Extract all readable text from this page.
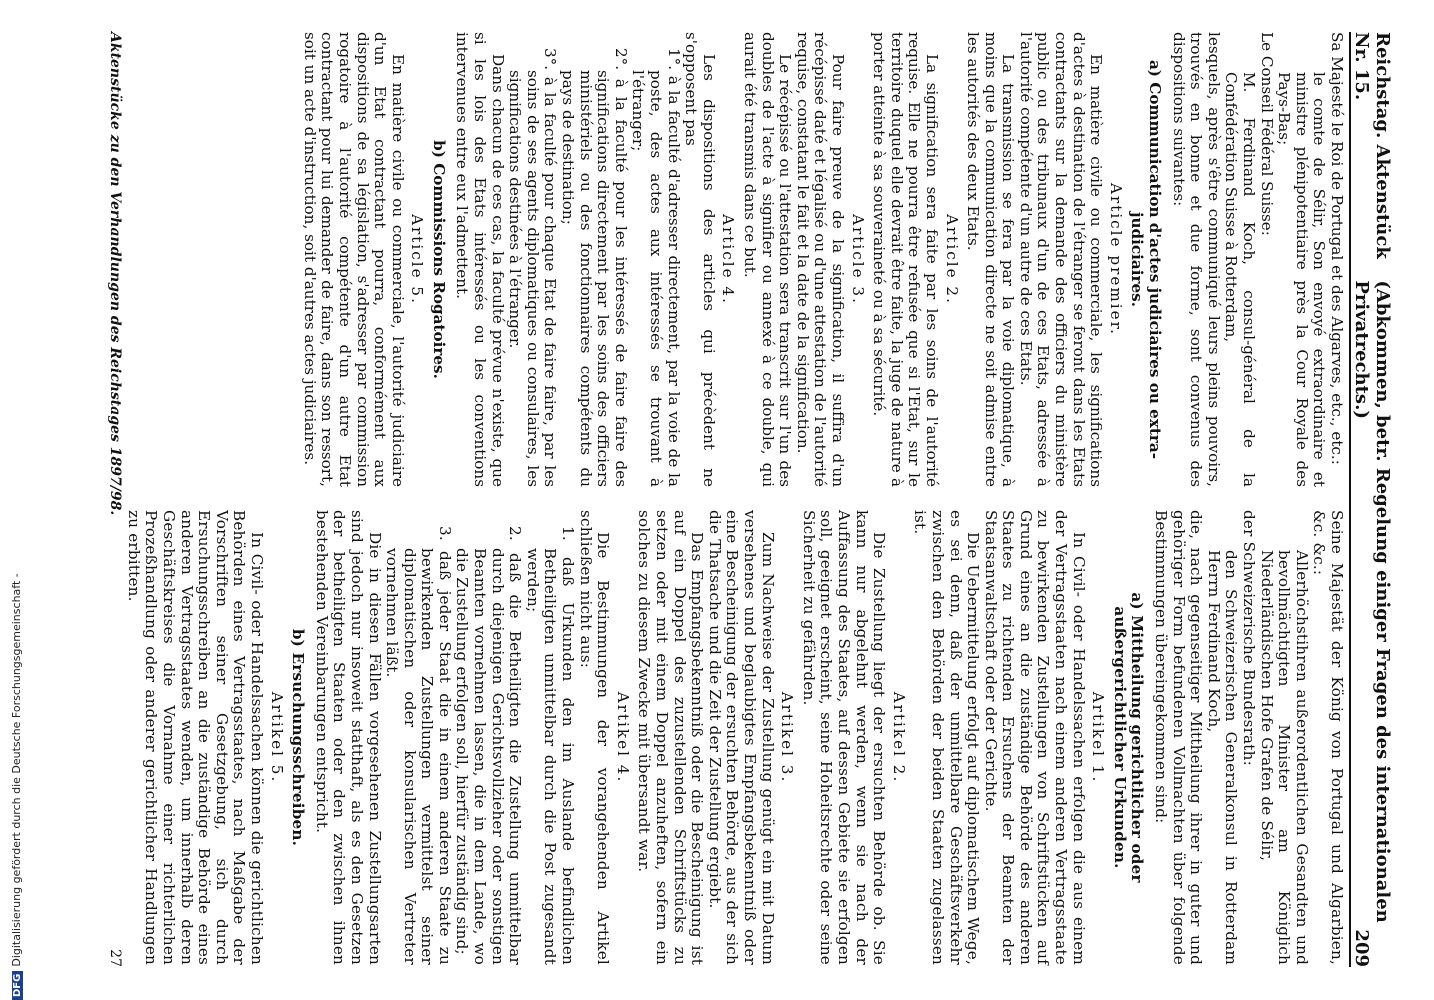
Reichstag. Aktenstück Nr. 15.
(Abkommen, betr. Regelung einiger Fragen des internationalen Privatrechts.)
209
Sa Majesté le Roi de Portugal et des Algarves, etc., etc.:
le comte de Sélir, Son envoyé extraordinaire et ministre plénipotentiaire près la Cour Royale des Pays-Bas;
Le Conseil Fédéral Suisse:
M. Ferdinand Koch, consul-général de la Confédération Suisse à Rotterdam,
lesquels, après s'être communiqué leurs pleins pouvoirs, trouvés en bonne et due forme, sont convenus des dispositions suivantes:
a) Communication d'actes judiciaires ou extra-judiciaires.
Article premier.
En matière civile ou commerciale, les significations d'actes à destination de l'étranger se feront dans les Etats contractants sur la demande des officiers du ministère public ou des tribunaux d'un de ces Etats, adressée à l'autorité compétente d'un autre de ces Etats.
La transmission se fera par la voie diplomatique, à moins que la communication directe ne soit admise entre les autorités des deux Etats.
Article 2.
La signification sera faite par les soins de l'autorité requise. Elle ne pourra être refusée que si l'Etat, sur le territoire duquel elle devrait être faite, la juge de nature à porter atteinte à sa souveraineté ou à sa sécurité.
Article 3.
Pour faire preuve de la signification, il suffira d'un récépissé daté et légalisé ou d'une attestation de l'autorité requise, constatant le fait et la date de la signification.
Le récépissé ou l'attestation sera transcrit sur l'un des doubles de l'acte à signifier ou annexé à ce double, qui aurait été transmis dans ce but.
Article 4.
Les dispositions des articles qui précèdent ne s'opposent pas
1°. à la faculté d'adresser directement, par la voie de la poste, des actes aux intéressés se trouvant à l'étranger;
2°. à la faculté pour les intéressés de faire faire des significations directement par les soins des officiers ministériels ou des fonctionnaires compétents du pays de destination;
3°. à la faculté pour chaque Etat de faire faire, par les soins de ses agents diplomatiques ou consulaires, les significations destinées à l'étranger.
Dans chacun de ces cas, la faculté prévue n'existe, que si les lois des Etats intéressés ou les conventions intervenues entre eux l'admettent.
b) Commissions Rogatoires.
Article 5.
En matière civile ou commerciale, l'autorité judiciaire d'un Etat contractant pourra, conformément aux dispositions de sa législation, s'adresser par commission rogatoire à l'autorité compétente d'un autre Etat contractant pour lui demander de faire, dans son ressort, soit un acte d'instruction, soit d'autres actes judiciaires.
Seine Majestät der König von Portugal und Algarbien, &c. &c.:
Allerhöchstihren außerordentlichen Gesandten und bevollmächtigten Minister am Königlich Niederländischen Hofe Grafen de Sélir,
der Schweizerische Bundesrath:
den Schweizerischen Generalkonsul in Rotterdam Herrn Ferdinand Koch,
die, nach gegenseitiger Mittheilung ihrer in guter und gehöriger Form befundenen Vollmachten über folgende Bestimmungen übereingekommen sind:
a) Mittheilung gerichtlicher oder außergerichtlicher Urkunden.
Artikel 1.
In Civil- oder Handelssachen erfolgen die aus einem der Vertragsstaaten nach einem anderen Vertragsstaate zu bewirkenden Zustellungen von Schriftstücken auf Grund eines an die zuständige Behörde des anderen Staates zu richtenden Ersuchens der Beamten der Staatsanwaltschaft oder der Gerichte.
Die Uebermittelung erfolgt auf diplomatischem Wege, es sei denn, daß der unmittelbare Geschäftsverkehr zwischen den Behörden der beiden Staaten zugelassen ist.
Artikel 2.
Die Zustellung liegt der ersuchten Behörde ob. Sie kann nur abgelehnt werden, wenn sie nach der Auffassung des Staates, auf dessen Gebiete sie erfolgen soll, geeignet erscheint, seine Hoheitsrechte oder seine Sicherheit zu gefährden.
Artikel 3.
Zum Nachweise der Zustellung genügt ein mit Datum versehenes und beglaubigtes Empfangsbekenntniß oder eine Bescheinigung der ersuchten Behörde, aus der sich die Thatsache und die Zeit der Zustellung ergiebt.
Das Empfangsbekenntniß oder die Bescheinigung ist auf ein Doppel des zuzustellenden Schriftstücks zu setzen oder mit einem Doppel anzuheften, sofern ein solches zu diesem Zwecke mit übersandt war.
Artikel 4.
Die Bestimmungen der vorangehenden Artikel schließen nicht aus:
1. daß Urkunden den im Auslande befindlichen Betheiligten unmittelbar durch die Post zugesandt werden;
2. daß die Betheiligten die Zustellung unmittelbar durch diejenigen Gerichtsvollzieher oder sonstigen Beamten vornehmen lassen, die in dem Lande, wo die Zustellung erfolgen soll, hierfür zuständig sind;
3. daß jeder Staat die in einem anderen Staate zu bewirkenden Zustellungen vermittelst seiner diplomatischen oder konsularischen Vertreter vornehmen läßt.
Die in diesen Fällen vorgesehenen Zustellungsarten sind jedoch nur insoweit statthaft, als es den Gesetzen der betheiligten Staaten oder den zwischen ihnen bestehenden Vereinbarungen entspricht.
b) Ersuchungsschreiben.
Artikel 5.
In Civil- oder Handelssachen können die gerichtlichen Behörden eines Vertragsstaates, nach Maßgabe der Vorschriften seiner Gesetzgebung, sich durch Ersuchungsschreiben an die zuständige Behörde eines anderen Vertragsstaates wenden, um innerhalb deren Geschäftskreises die Vornahme einer richterlichen Prozeßhandlung oder anderer gerichtlicher Handlungen zu erbitten.
Aktenstücke zu den Verhandlungen des Reichstages 1897/98.
27
DFGDigitalisierung gefördert durch die Deutsche Forschungsgemeinschaft -
